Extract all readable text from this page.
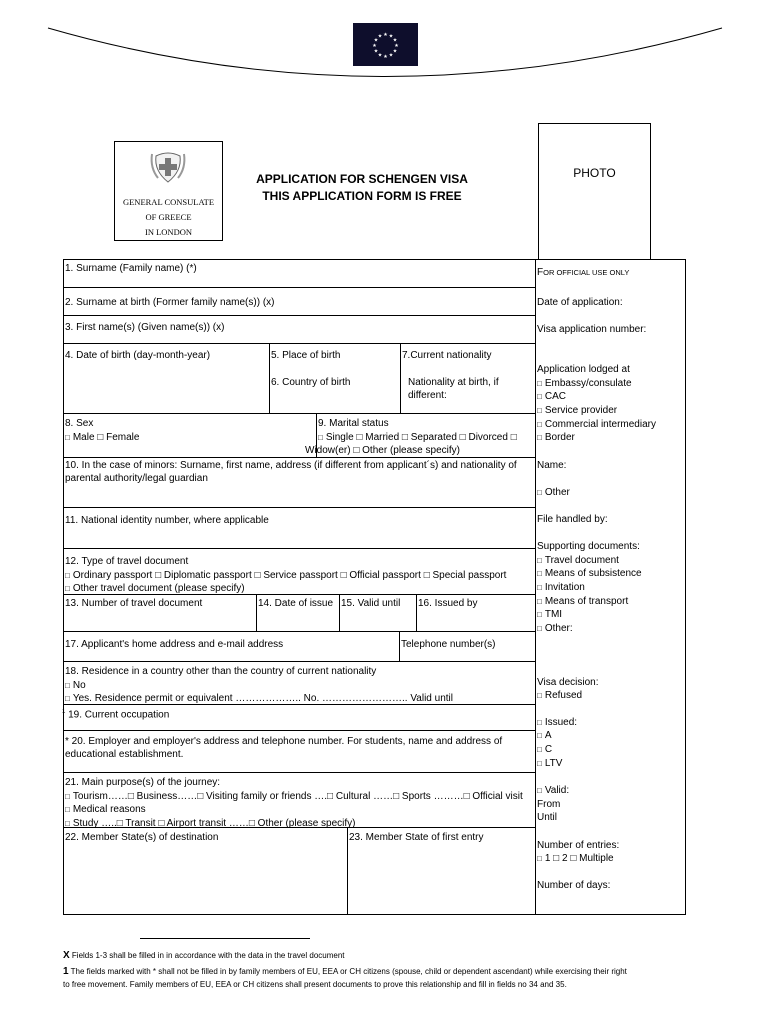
★ ★
★
★
★
★
★
★
★
★
★
★
GENERAL CONSULATE
OF GREECE
IN LONDON
APPLICATION FOR SCHENGEN VISA
THIS APPLICATION FORM IS FREE
PHOTO
1. Surname (Family name) (*)
2. Surname at birth (Former family name(s)) (x)
3. First name(s) (Given name(s)) (x)
4. Date of birth (day-month-year)	5. Place of birth
6. Country of birth
7.Current nationality
Nationality at birth, if
different:
8. Sex
□ Male □ Female
9. Marital status
□ Single □ Married □ Separated □ Divorced □
Widow(er) □ Other (please specify)
10. In the case of minors: Surname, first name, address (if different from applicant´s) and nationality of
parental authority/legal guardian
11. National identity number, where applicable
12. Type of travel document
□ Ordinary passport □ Diplomatic passport □ Service passport □ Official passport □ Special passport
□ Other travel document (please specify)
13. Number of travel document	14. Date of issue 15. Valid until 16. Issued by
17. Applicant's home address and e-mail address	Telephone number(s)
18. Residence in a country other than the country of current nationality
□ No
□ Yes. Residence permit or equivalent ……………….. No. …………………….. Valid until
$^1$ 19. Current occupation
* 20. Employer and employer's address and telephone number. For students, name and address of
educational establishment.
21. Main purpose(s) of the journey:
□ Tourism……□ Business……□ Visiting family or friends ….□ Cultural ……□ Sports ………□ Official visit
□ Medical reasons
□ Study …..□ Transit □ Airport transit ……□ Other (please specify)
22. Member State(s) of destination	23. Member State of first entry
FOR OFFICIAL USE ONLY
Date of application:
Visa application number:
Application lodged at
□ Embassy/consulate
□ CAC
□ Service provider
□ Commercial intermediary
□ Border
Name:
□ Other
File handled by:
Supporting documents:
□ Travel document
□ Means of subsistence
□ Invitation
□ Means of transport
□ TMI
□ Other:
Visa decision:
□ Refused
□ Issued:
□ A
□ C
□ LTV
□ Valid:
From
Until
Number of entries:
□ 1 □ 2 □ Multiple
Number of days:
X Fields 1-3 shall be filled in in accordance with the data in the travel document
1 The fields marked with * shall not be filled in by family members of EU, EEA or CH citizens (spouse, child or dependent ascendant) while exercising their right
to free movement. Family members of EU, EEA or CH citizens shall present documents to prove this relationship and fill in fields no 34 and 35.
